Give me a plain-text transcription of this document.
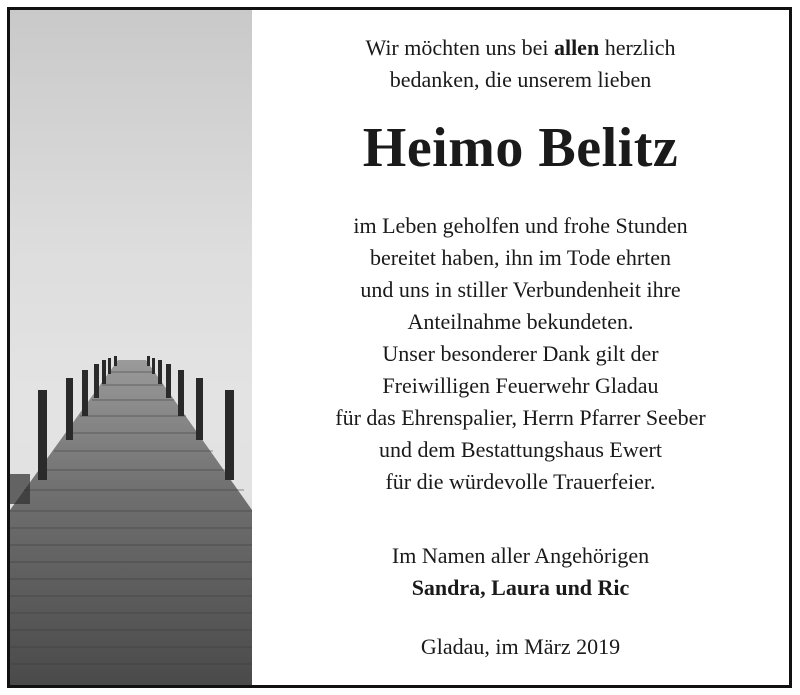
Wir möchten uns bei allen herzlich
bedanken, die unserem lieben
Heimo Belitz
im Leben geholfen und frohe Stunden
bereitet haben, ihn im Tode ehrten
und uns in stiller Verbundenheit ihre
Anteilnahme bekundeten.
Unser besonderer Dank gilt der
Freiwilligen Feuerwehr Gladau
für das Ehrenspalier, Herrn Pfarrer Seeber
und dem Bestattungshaus Ewert
für die würdevolle Trauerfeier.
Im Namen aller Angehörigen
Sandra, Laura und Ric
Gladau, im März 2019
